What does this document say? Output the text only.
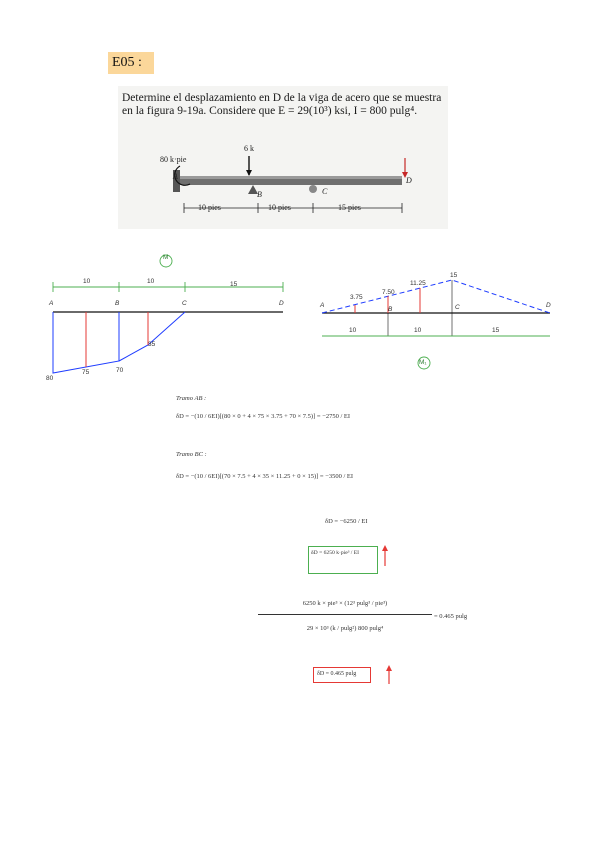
E05 :
Determine el desplazamiento en D de la viga de acero que se muestra
en la figura 9-19a. Considere que E = 29(10³) ksi, I = 800 pulg⁴.
80 k·pie
6 k
A
B	C
D
10 pies	10 pies	15 pies
M
10	10	15
A	B	C	D
80
75	70
35
3.75
7.50
11.25
15
A
B	C	D
10	10	15
M₁
Tramo AB :
δD = −(10 / 6EI)[(80 × 0 + 4 × 75 × 3.75 + 70 × 7.5)] = −2750 / EI
Tramo BC :
δD = −(10 / 6EI)[(70 × 7.5 + 4 × 35 × 11.25 + 0 × 15)] = −3500 / EI
δD = −6250 / EI
δD = 6250 k·pie³ / EI
6250 k × pie³ × (12³ pulg³ / pie³)
29 × 10³ (k / pulg²) 800 pulg⁴
= 0.465 pulg
δD = 0.465 pulg
